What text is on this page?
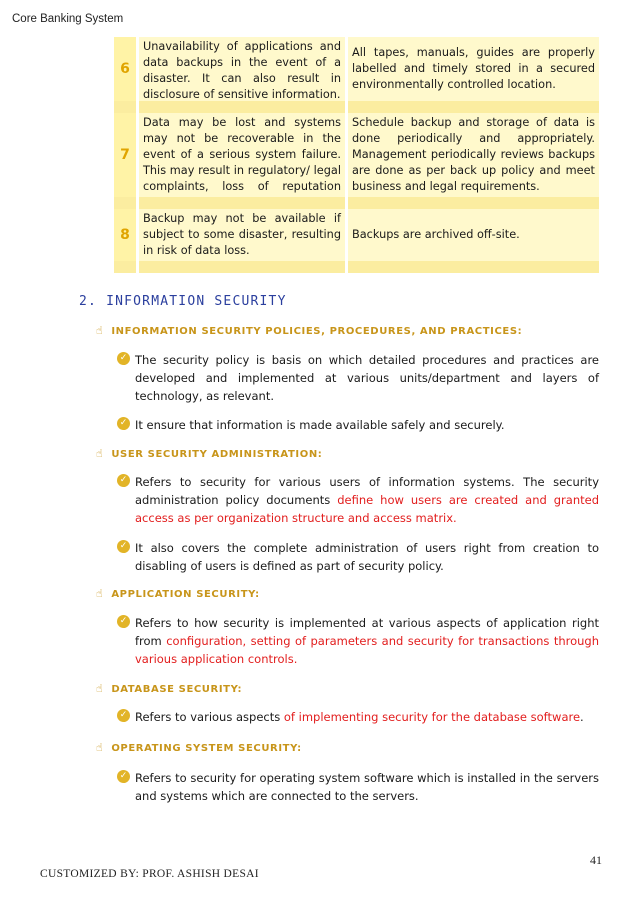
Core Banking System
6
Unavailability of applications and data backups in the event of a disaster. It can also result in disclosure of sensitive information.
All tapes, manuals, guides are properly labelled and timely stored in a secured environmentally controlled location.
7
Data may be lost and systems may not be recoverable in the event of a serious system failure. This may result in regulatory/ legal complaints, loss of reputation
Schedule backup and storage of data is done periodically and appropriately. Management periodically reviews backups are done as per back up policy and meet business and legal requirements.
8
Backup may not be available if subject to some disaster, resulting in risk of data loss.
Backups are archived off-site.
2. INFORMATION SECURITY
☝ INFORMATION SECURITY POLICIES, PROCEDURES, AND PRACTICES:
✓ The security policy is basis on which detailed procedures and practices are developed and implemented at various units/department and layers of technology, as relevant.
✓ It ensure that information is made available safely and securely.
☝ USER SECURITY ADMINISTRATION:
✓ Refers to security for various users of information systems. The security administration policy documents define how users are created and granted access as per organization structure and access matrix.
✓ It also covers the complete administration of users right from creation to disabling of users is defined as part of security policy.
☝ APPLICATION SECURITY:
✓ Refers to how security is implemented at various aspects of application right from configuration, setting of parameters and security for transactions through various application controls.
☝ DATABASE SECURITY:
✓ Refers to various aspects of implementing security for the database software.
☝ OPERATING SYSTEM SECURITY:
✓ Refers to security for operating system software which is installed in the servers and systems which are connected to the servers.
41
CUSTOMIZED BY: PROF. ASHISH DESAI
